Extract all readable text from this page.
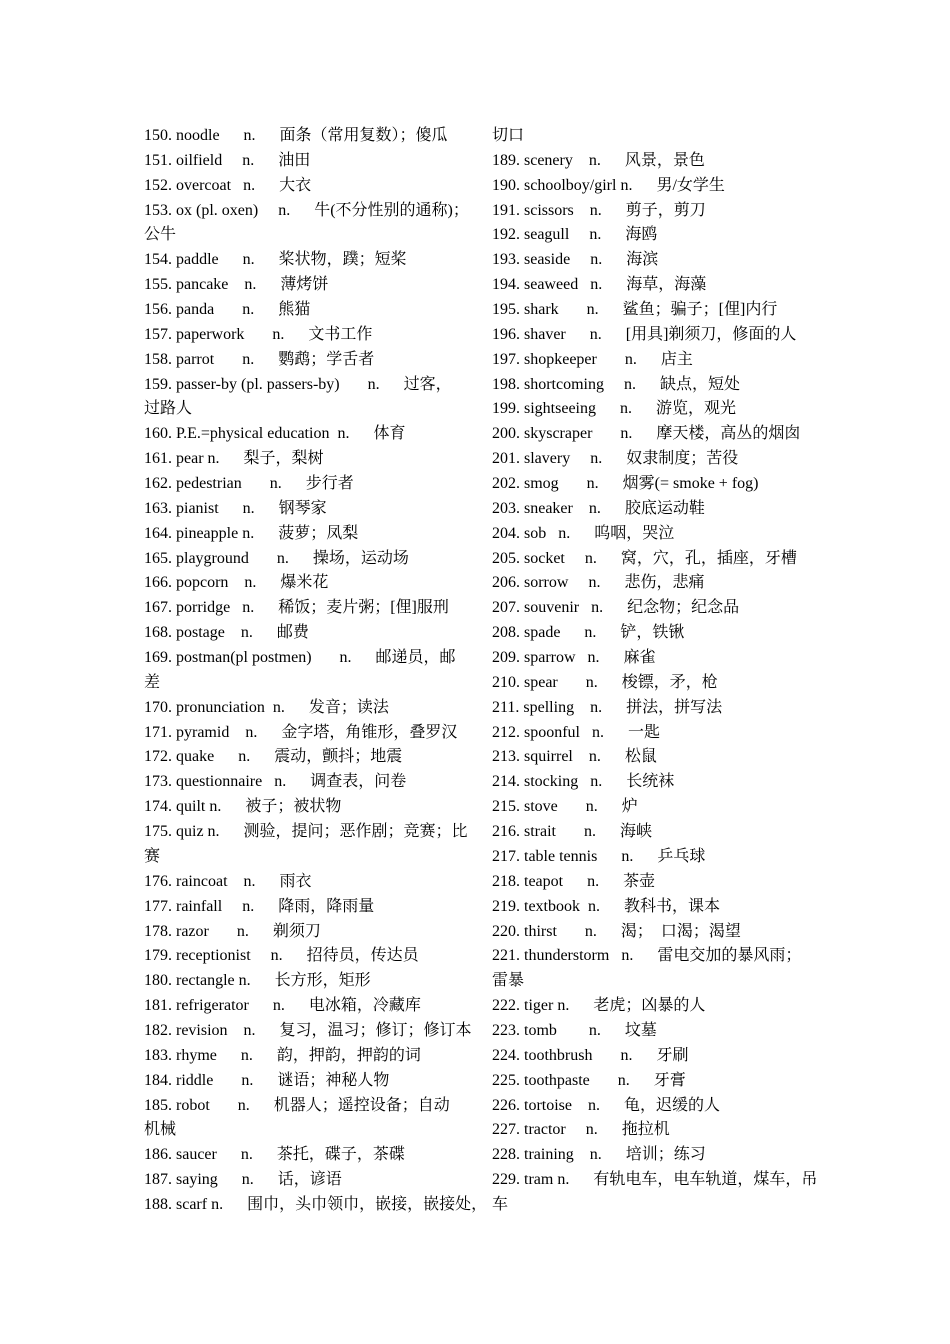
150. noodle      n.      面条（常用复数）；傻瓜
151. oilfield     n.      油田
152. overcoat   n.      大衣
153. ox (pl. oxen)     n.      牛(不分性别的通称)；
公牛
154. paddle      n.      桨状物，蹼；短桨
155. pancake    n.      薄烤饼
156. panda       n.      熊猫
157. paperwork       n.      文书工作
158. parrot       n.      鹦鹉；学舌者
159. passer-by (pl. passers-by)       n.      过客，
过路人
160. P.E.=physical education  n.      体育
161. pear n.      梨子，梨树
162. pedestrian       n.      步行者
163. pianist      n.      钢琴家
164. pineapple n.      菠萝；凤梨
165. playground       n.      操场，运动场
166. popcorn    n.      爆米花
167. porridge   n.      稀饭；麦片粥；[俚]服刑
168. postage    n.      邮费
169. postman(pl postmen)       n.      邮递员，邮
差
170. pronunciation  n.      发音；读法
171. pyramid    n.      金字塔，角锥形，叠罗汉
172. quake      n.      震动，颤抖；地震
173. questionnaire   n.      调查表，问卷
174. quilt n.      被子；被状物
175. quiz n.      测验，提问；恶作剧；竞赛；比
赛
176. raincoat    n.      雨衣
177. rainfall     n.      降雨，降雨量
178. razor       n.      剃须刀
179. receptionist     n.      招待员，传达员
180. rectangle n.      长方形，矩形
181. refrigerator      n.      电冰箱，冷藏库
182. revision    n.      复习，温习；修订；修订本
183. rhyme      n.      韵，押韵，押韵的词
184. riddle       n.      谜语；神秘人物
185. robot       n.      机器人；遥控设备；自动
机械
186. saucer      n.      茶托，碟子，茶碟
187. saying      n.      话，谚语
188. scarf n.      围巾，头巾领巾，嵌接，嵌接处，
切口
189. scenery    n.      风景，景色
190. schoolboy/girl n.      男/女学生
191. scissors    n.      剪子，剪刀
192. seagull     n.      海鸥
193. seaside     n.      海滨
194. seaweed   n.      海草，海藻
195. shark       n.      鲨鱼；骗子；[俚]内行
196. shaver      n.      [用具]剃须刀，修面的人
197. shopkeeper       n.      店主
198. shortcoming     n.      缺点，短处
199. sightseeing      n.      游览，观光
200. skyscraper       n.      摩天楼，高丛的烟囱
201. slavery     n.      奴隶制度；苦役
202. smog       n.      烟雾(= smoke + fog)
203. sneaker    n.      胶底运动鞋
204. sob   n.      呜咽，哭泣
205. socket     n.      窝，穴，孔，插座，牙槽
206. sorrow     n.      悲伤，悲痛
207. souvenir   n.      纪念物；纪念品
208. spade      n.      铲，铁锹
209. sparrow   n.      麻雀
210. spear       n.      梭镖，矛，枪
211. spelling    n.      拼法，拼写法
212. spoonful   n.      一匙
213. squirrel    n.      松鼠
214. stocking   n.      长统袜
215. stove       n.      炉
216. strait       n.      海峡
217. table tennis      n.      乒乓球
218. teapot      n.      茶壶
219. textbook  n.      教科书，课本
220. thirst       n.      渴；  口渴；渴望
221. thunderstorm   n.      雷电交加的暴风雨；
雷暴
222. tiger n.      老虎；凶暴的人
223. tomb        n.      坟墓
224. toothbrush       n.      牙刷
225. toothpaste       n.      牙膏
226. tortoise    n.      龟，迟缓的人
227. tractor     n.      拖拉机
228. training    n.      培训；练习
229. tram n.      有轨电车，电车轨道，煤车，吊
车
